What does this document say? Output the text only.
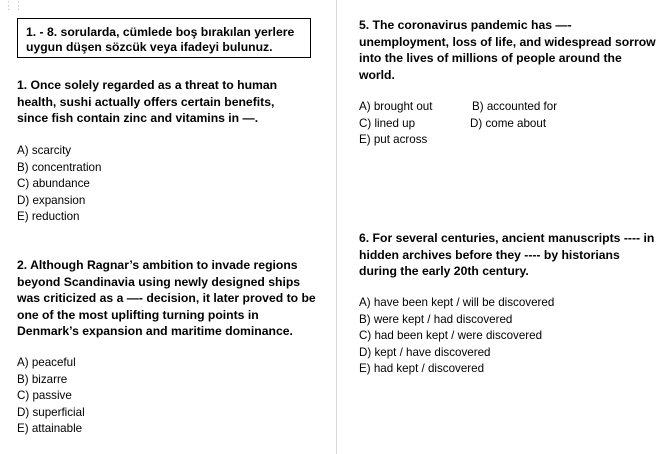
⋮⋮
1. - 8. sorularda, cümlede boş bırakılan yerlere uygun düşen sözcük veya ifadeyi bulunuz.
1. Once solely regarded as a threat to human health, sushi actually offers certain benefits, since fish contain zinc and vitamins in —.
A) scarcity
B) concentration
C) abundance
D) expansion
E) reduction
2. Although Ragnar’s ambition to invade regions beyond Scandinavia using newly designed ships was criticized as a —- decision, it later proved to be one of the most uplifting turning points in Denmark’s expansion and maritime dominance.
A) peaceful
B) bizarre
C) passive
D) superficial
E) attainable
5. The coronavirus pandemic has —- unemployment, loss of life, and widespread sorrow into the lives of millions of people around the world.
A) brought out	B) accounted for
C) lined up	D) come about
E) put across
6. For several centuries, ancient manuscripts ---- in hidden archives before they ---- by historians during the early 20th century.
A) have been kept / will be discovered
B) were kept / had discovered
C) had been kept / were discovered
D) kept / have discovered
E) had kept / discovered
